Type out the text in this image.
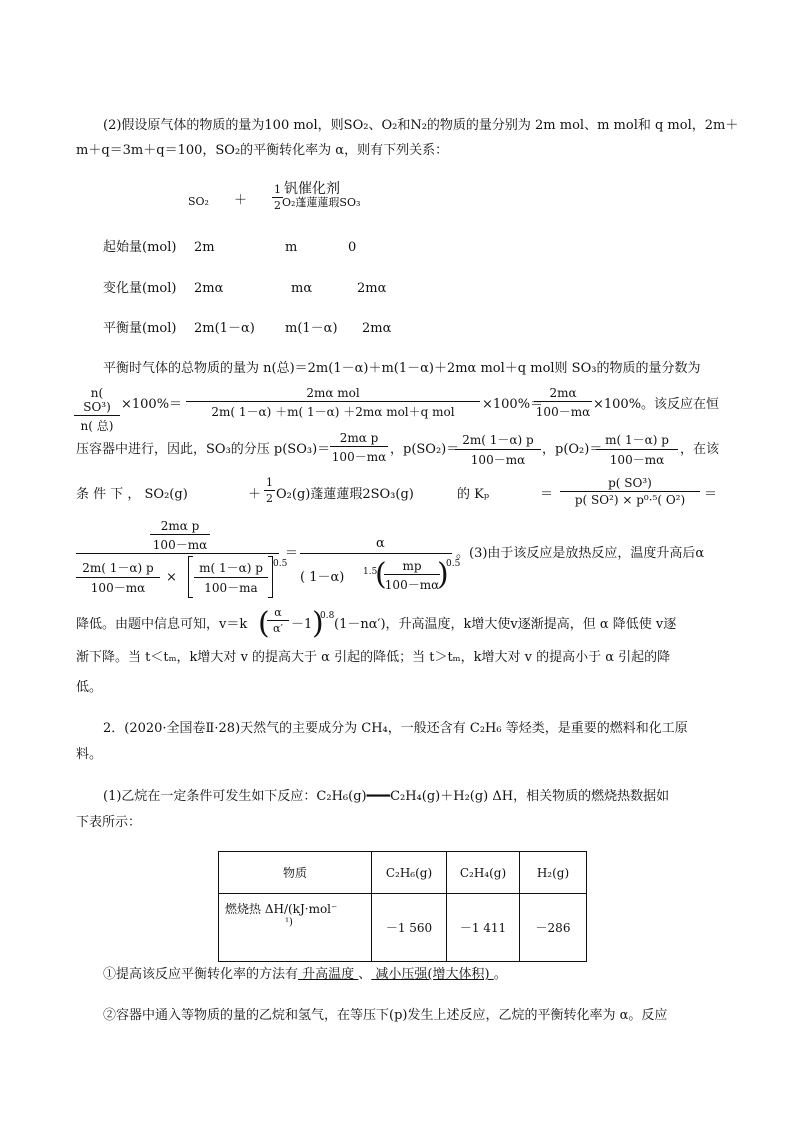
(2)假设原气体的物质的量为100 mol，则SO₂、O₂和N₂的物质的量分别为 2m mol、m mol和 q mol，2m＋
m＋q＝3m＋q＝100，SO₂的平衡转化率为 α，则有下列关系：
$SO_2 + \frac{1}{2} O_2$蓬蓮蓮瑕SO₃
钒催化剂
起始量(mol) 2m	m	0
变化量(mol) 2mα	mα	2mα
平衡量(mol) 2m(1－α) m(1－α) 2mα
平衡时气体的总物质的量为 n(总)＝2m(1－α)＋m(1－α)＋2mα mol＋q mol则 SO₃的物质的量分数为
n( SO³)
n( 总)
×100%＝
2mα mol
2m( 1－α) ＋m( 1－α) ＋2mα mol＋q mol	×100%＝
$\frac{2m\alpha}{100-m\alpha} \times 100\%$。该反应在恒
压容器中进行，因此，SO₃的分压 $p(SO_3)= \frac{\text{2mα p}}{100-m\alpha}$ ，p(SO₂)＝
$\frac{2m( 1-\alpha) p}{100-m\alpha}$ ，p(O₂)＝
$\frac{m( 1-\alpha) p}{100-m\alpha}$ ，在该
条 件 下 ， SO₂(g)	＋ $\frac{1}{2} O_2(g)$蓬蓮蓮瑕2SO₃(g)	的 Kₚ	＝ $\frac{\text{p( SO³)}}{\text{p( SO²) × p⁰·⁵( O²)}}$ ＝
$\frac{\text{2mα p}}{100-m\alpha}$
$\frac{2m( 1-\alpha) p}{100-m\alpha} \times \frac{m( 1-\alpha) p}{100-ma} 0.5$
＝
α
( 1－α) 1.5
(
$\frac{mp}{100-m\alpha}$
)
0.5
。(3)由于该反应是放热反应，温度升高后α
降低。由题中信息可知，v＝k (
$\frac{\alpha}{\alpha'} -1$ )
0.8
(1－nα′)，升高温度，k增大使v逐渐提高，但 α 降低使 v逐
渐下降。当 t＜tₘ，k增大对 v 的提高大于 α 引起的降低；当 t＞tₘ，k增大对 v 的提高小于 α 引起的降
低。
2．(2020·全国卷Ⅱ·28)天然气的主要成分为 CH₄，一般还含有 C₂H₆ 等烃类，是重要的燃料和化工原
料。
(1)乙烷在一定条件可发生如下反应：C₂H₆(g)━━━C₂H₄(g)＋H₂(g) ΔH，相关物质的燃烧热数据如
下表所示：
物质	C₂H₆(g)	C₂H₄(g)	H₂(g)

燃烧热 ΔH/(kJ·mol⁻
¹)	－1 560	－1 411	－286
①提高该反应平衡转化率的方法有 升高温度 、 减小压强(增大体积) 。
②容器中通入等物质的量的乙烷和氢气，在等压下(p)发生上述反应，乙烷的平衡转化率为 α。反应
